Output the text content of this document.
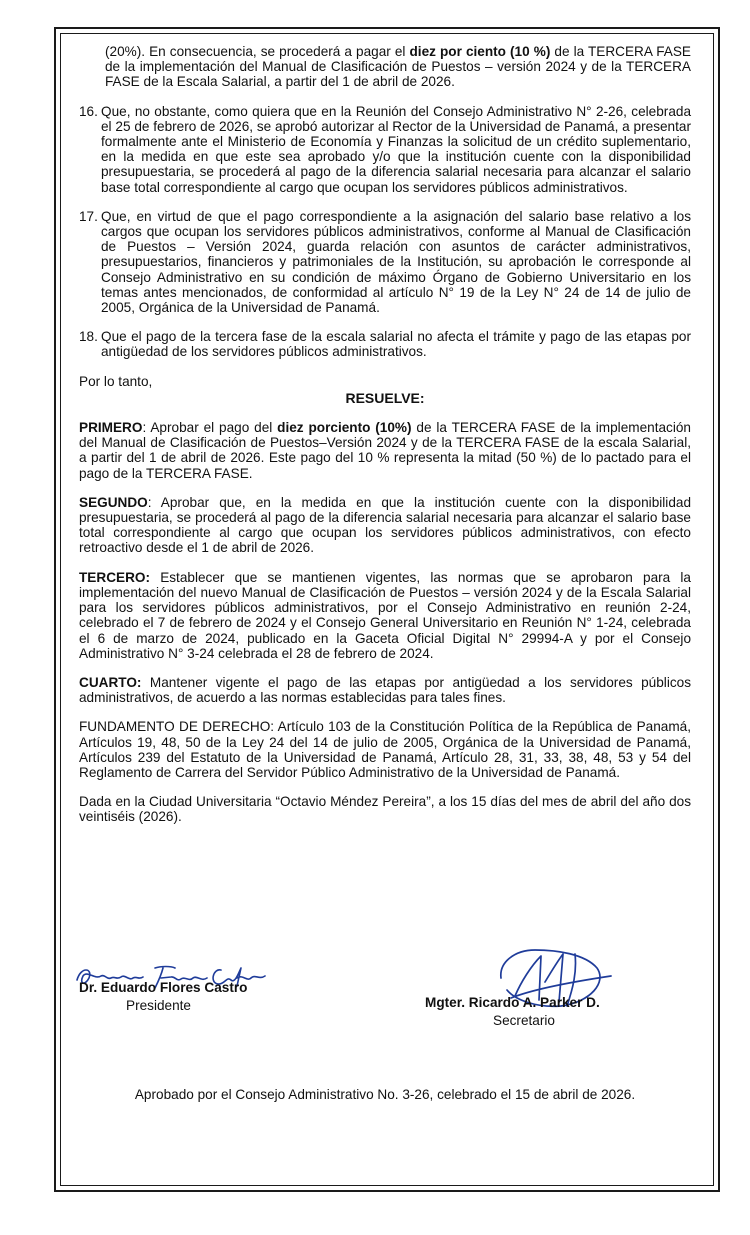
(20%). En consecuencia, se procederá a pagar el diez por ciento (10 %) de la TERCERA FASE de la implementación del Manual de Clasificación de Puestos – versión 2024 y de la TERCERA FASE de la Escala Salarial, a partir del 1 de abril de 2026.

16. Que, no obstante, como quiera que en la Reunión del Consejo Administrativo N° 2-26, celebrada el 25 de febrero de 2026, se aprobó autorizar al Rector de la Universidad de Panamá, a presentar formalmente ante el Ministerio de Economía y Finanzas la solicitud de un crédito suplementario, en la medida en que este sea aprobado y/o que la institución cuente con la disponibilidad presupuestaria, se procederá al pago de la diferencia salarial necesaria para alcanzar el salario base total correspondiente al cargo que ocupan los servidores públicos administrativos.
17. Que, en virtud de que el pago correspondiente a la asignación del salario base relativo a los cargos que ocupan los servidores públicos administrativos, conforme al Manual de Clasificación de Puestos – Versión 2024, guarda relación con asuntos de carácter administrativos, presupuestarios, financieros y patrimoniales de la Institución, su aprobación le corresponde al Consejo Administrativo en su condición de máximo Órgano de Gobierno Universitario en los temas antes mencionados, de conformidad al artículo N° 19 de la Ley N° 24 de 14 de julio de 2005, Orgánica de la Universidad de Panamá.
18. Que el pago de la tercera fase de la escala salarial no afecta el trámite y pago de las etapas por antigüedad de los servidores públicos administrativos.

Por lo tanto,

RESUELVE:

PRIMERO: Aprobar el pago del diez porciento (10%) de la TERCERA FASE de la implementación del Manual de Clasificación de Puestos–Versión 2024 y de la TERCERA FASE de la escala Salarial, a partir del 1 de abril de 2026. Este pago del 10 % representa la mitad (50 %) de lo pactado para el pago de la TERCERA FASE.

SEGUNDO: Aprobar que, en la medida en que la institución cuente con la disponibilidad presupuestaria, se procederá al pago de la diferencia salarial necesaria para alcanzar el salario base total correspondiente al cargo que ocupan los servidores públicos administrativos, con efecto retroactivo desde el 1 de abril de 2026.

TERCERO: Establecer que se mantienen vigentes, las normas que se aprobaron para la implementación del nuevo Manual de Clasificación de Puestos – versión 2024 y de la Escala Salarial para los servidores públicos administrativos, por el Consejo Administrativo en reunión 2-24, celebrado el 7 de febrero de 2024 y el Consejo General Universitario en Reunión N° 1-24, celebrada el 6 de marzo de 2024, publicado en la Gaceta Oficial Digital N° 29994-A y por el Consejo Administrativo N° 3-24 celebrada el 28 de febrero de 2024.

CUARTO: Mantener vigente el pago de las etapas por antigüedad a los servidores públicos administrativos, de acuerdo a las normas establecidas para tales fines.

FUNDAMENTO DE DERECHO: Artículo 103 de la Constitución Política de la República de Panamá, Artículos 19, 48, 50 de la Ley 24 del 14 de julio de 2005, Orgánica de la Universidad de Panamá, Artículos 239 del Estatuto de la Universidad de Panamá, Artículo 28, 31, 33, 38, 48, 53 y 54 del Reglamento de Carrera del Servidor Público Administrativo de la Universidad de Panamá.

Dada en la Ciudad Universitaria “Octavio Méndez Pereira”, a los 15 días del mes de abril del año dos veintiséis (2026).

Dr. Eduardo Flores Castro
Presidente	Mgter. Ricardo A. Parker D.
Secretario
Aprobado por el Consejo Administrativo No. 3-26, celebrado el 15 de abril de 2026.
